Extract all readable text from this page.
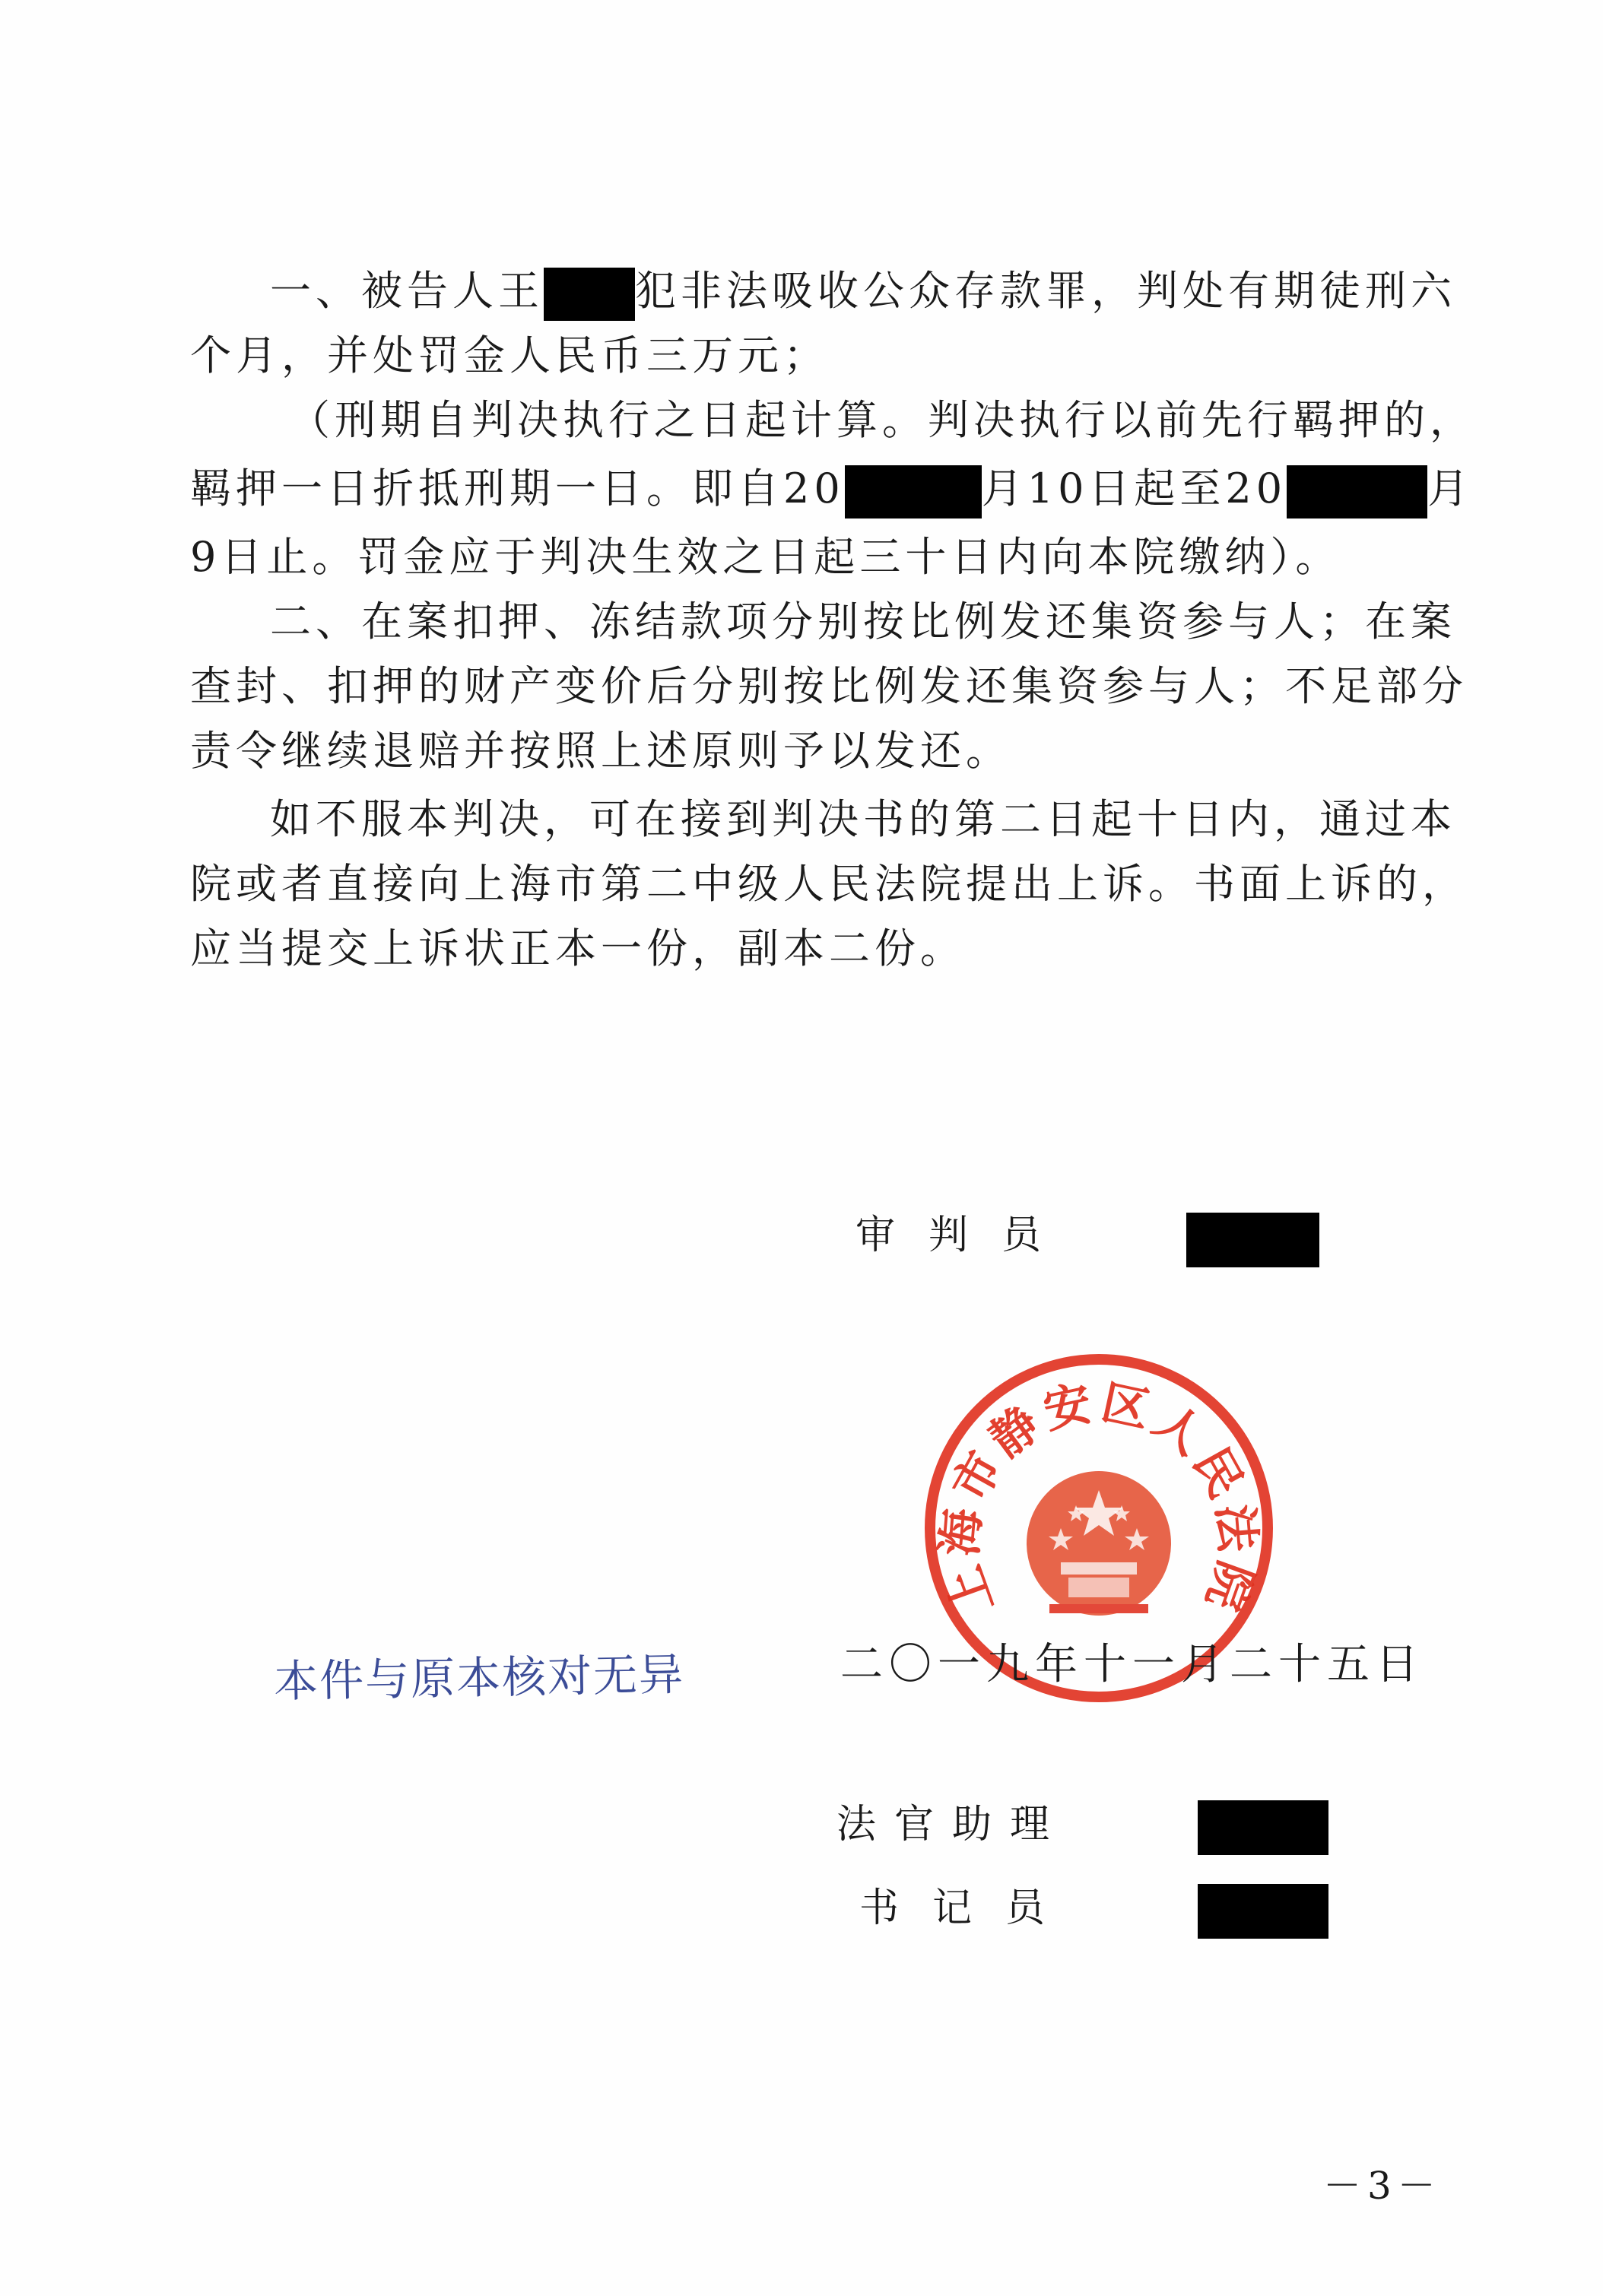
一、被告人王 犯非法吸收公众存款罪，判处有期徒刑六
个月，并处罚金人民币三万元；
（刑期自判决执行之日起计算。判决执行以前先行羁押的，
羁押一日折抵刑期一日。即自20	月10日起至20	月
9日止。罚金应于判决生效之日起三十日内向本院缴纳）。
二、在案扣押、冻结款项分别按比例发还集资参与人；在案
查封、扣押的财产变价后分别按比例发还集资参与人；不足部分
责令继续退赔并按照上述原则予以发还。
如不服本判决，可在接到判决书的第二日起十日内，通过本
院或者直接向上海市第二中级人民法院提出上诉。书面上诉的，
应当提交上诉状正本一份，副本二份。
审判员
上海市静安区人民法院
本件与原本核对无异	二〇一九年十一月二十五日
法官助理
书记员
－3－
